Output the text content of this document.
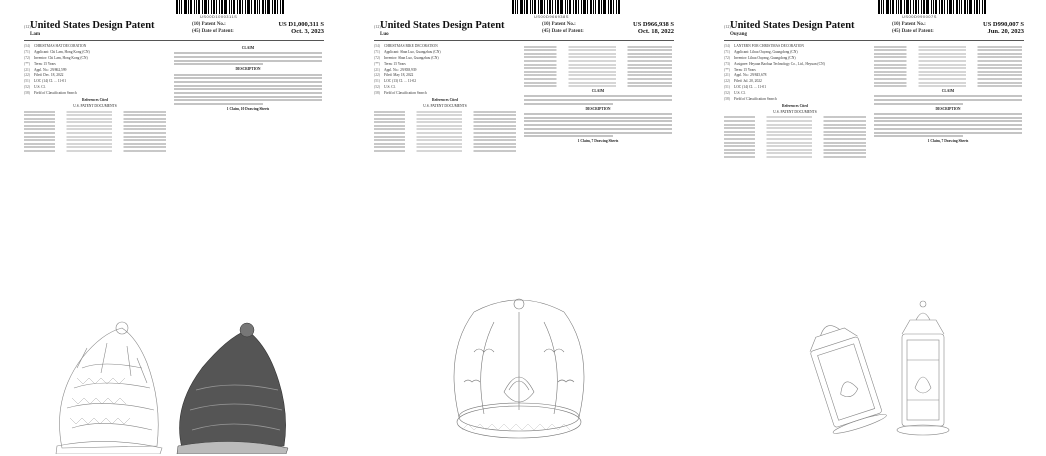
US00D1000311S
(12) United States Design Patent
Lam
(10) Patent No.:	US D1,000,311 S
(45) Date of Patent:	Oct. 3, 2023
(54)	CHRISTMAS HAT DECORATION
(71)	Applicant: Chi Lam, Hong Kong (CN)
(72)	Inventor: Chi Lam, Hong Kong (CN)
(**)	Term: 15 Years
(21)	Appl. No.: 29/862,599
(22)	Filed: Dec. 18, 2022
(51)	LOC (14) Cl. ... 11-01
(52)	U.S. Cl.
(58)	Field of Classification Search
References Cited
U.S. PATENT DOCUMENTS
CLAIM
DESCRIPTION
1 Claim, 10 Drawing Sheets
US00D966938S
(12) United States Design Patent
Luo
(10) Patent No.:	US D966,938 S
(45) Date of Patent:	Oct. 18, 2022
(54)	CHRISTMAS BIKE DECORATION
(71)	Applicant: Shan Luo, Guangzhou (CN)
(72)	Inventor: Shan Luo, Guangzhou (CN)
(**)	Term: 15 Years
(21)	Appl. No.: 29/838,939
(22)	Filed: May 18, 2022
(51)	LOC (13) Cl. ... 11-02
(52)	U.S. Cl.
(58)	Field of Classification Search
References Cited
U.S. PATENT DOCUMENTS
CLAIM
DESCRIPTION
1 Claim, 7 Drawing Sheets
US00D990007S
(12) United States Design Patent
Ouyang
(10) Patent No.:	US D990,007 S
(45) Date of Patent:	Jun. 20, 2023
(54)	LANTERN FOR CHRISTMAS DECORATION
(71)	Applicant: Lihua Ouyang, Guangdong (CN)
(72)	Inventor: Lihua Ouyang, Guangdong (CN)
(73)	Assignee: Heyuan Baohua Technology Co., Ltd., Heyuan (CN)
(**)	Term: 15 Years
(21)	Appl. No.: 29/845,678
(22)	Filed: Jul. 20, 2022
(51)	LOC (14) Cl. ... 11-01
(52)	U.S. Cl.
(58)	Field of Classification Search
References Cited
U.S. PATENT DOCUMENTS
CLAIM
DESCRIPTION
1 Claim, 7 Drawing Sheets
